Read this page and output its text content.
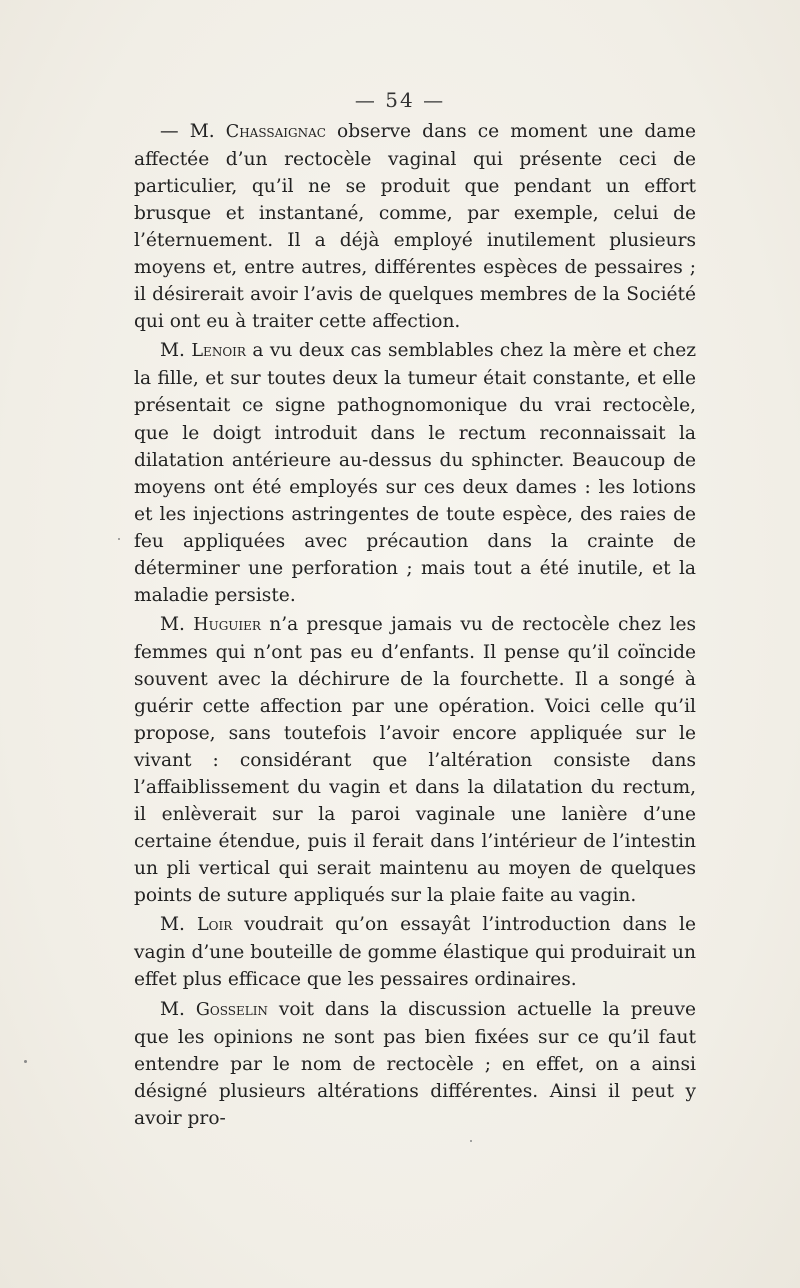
— 54 —

— M. Chassaignac observe dans ce moment une dame affectée d’un rectocèle vaginal qui présente ceci de particulier, qu’il ne se produit que pendant un effort brusque et instantané, comme, par exemple, celui de l’éternuement. Il a déjà employé inutilement plusieurs moyens et, entre autres, différentes espèces de pessaires ; il désirerait avoir l’avis de quelques membres de la Société qui ont eu à traiter cette affection.

M. Lenoir a vu deux cas semblables chez la mère et chez la fille, et sur toutes deux la tumeur était constante, et elle présentait ce signe pathognomonique du vrai rectocèle, que le doigt introduit dans le rectum reconnaissait la dilatation antérieure au-dessus du sphincter. Beaucoup de moyens ont été employés sur ces deux dames : les lotions et les injections astringentes de toute espèce, des raies de feu appliquées avec précaution dans la crainte de déterminer une perforation ; mais tout a été inutile, et la maladie persiste.

M. Huguier n’a presque jamais vu de rectocèle chez les femmes qui n’ont pas eu d’enfants. Il pense qu’il coïncide souvent avec la déchirure de la fourchette. Il a songé à guérir cette affection par une opération. Voici celle qu’il propose, sans toutefois l’avoir encore appliquée sur le vivant : considérant que l’altération consiste dans l’affaiblissement du vagin et dans la dilatation du rectum, il enlèverait sur la paroi vaginale une lanière d’une certaine étendue, puis il ferait dans l’intérieur de l’intestin un pli vertical qui serait maintenu au moyen de quelques points de suture appliqués sur la plaie faite au vagin.

M. Loir voudrait qu’on essayât l’introduction dans le vagin d’une bouteille de gomme élastique qui produirait un effet plus efficace que les pessaires ordinaires.

M. Gosselin voit dans la discussion actuelle la preuve que les opinions ne sont pas bien fixées sur ce qu’il faut entendre par le nom de rectocèle ; en effet, on a ainsi désigné plusieurs altérations différentes. Ainsi il peut y avoir pro-
